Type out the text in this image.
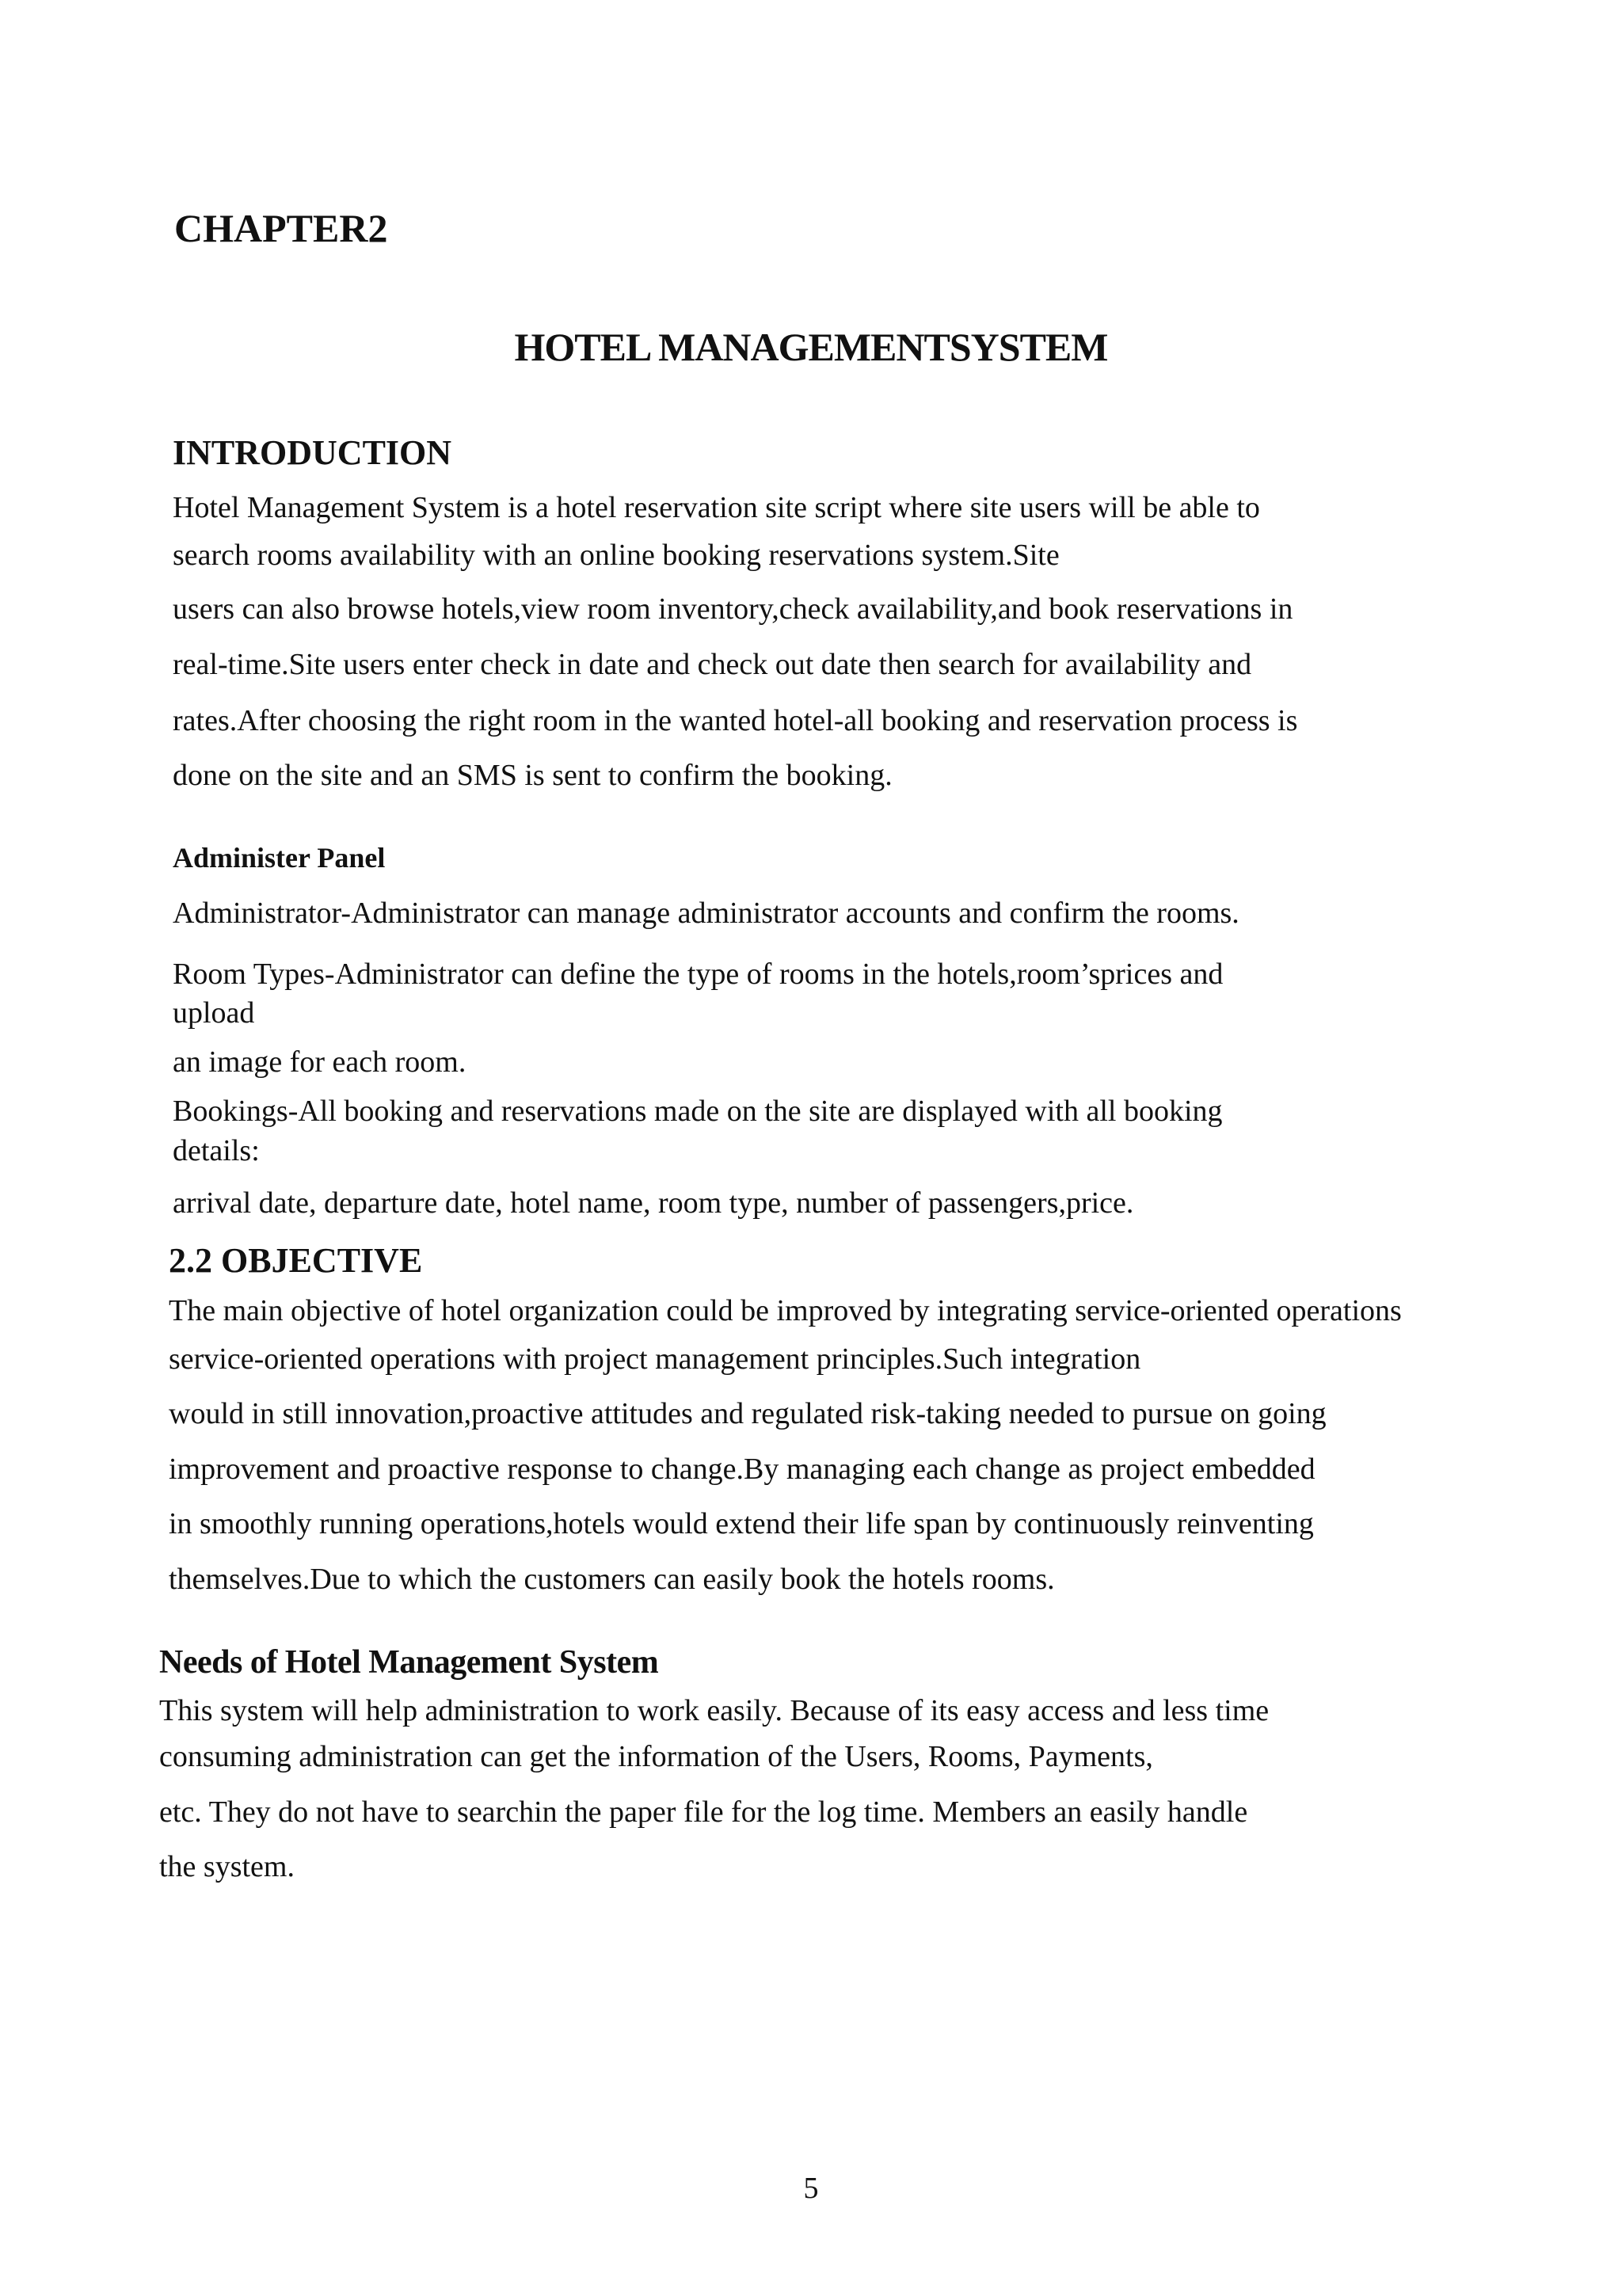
CHAPTER2
HOTEL MANAGEMENTSYSTEM
INTRODUCTION
Hotel Management System is a hotel reservation site script where site users will be able to
search rooms availability with an online booking reservations system.Site
users can also browse hotels,view room inventory,check availability,and book reservations in
real-time.Site users enter check in date and check out date then search for availability and
rates.After choosing the right room in the wanted hotel-all booking and reservation process is
done on the site and an SMS is sent to confirm the booking.
Administer Panel
Administrator-Administrator can manage administrator accounts and confirm the rooms.
Room Types-Administrator can define the type of rooms in the hotels,room’sprices and
upload
an image for each room.
Bookings-All booking and reservations made on the site are displayed with all booking
details:
arrival date, departure date, hotel name, room type, number of passengers,price.
2.2 OBJECTIVE
The main objective of hotel organization could be improved by integrating service-oriented operations
service-oriented operations with project management principles.Such integration
would in still innovation,proactive attitudes and regulated risk-taking needed to pursue on going
improvement and proactive response to change.By managing each change as project embedded
in smoothly running operations,hotels would extend their life span by continuously reinventing
themselves.Due to which the customers can easily book the hotels rooms.
Needs of Hotel Management System
This system will help administration to work easily. Because of its easy access and less time
consuming administration can get the information of the Users, Rooms, Payments,
etc. They do not have to searchin the paper file for the log time. Members an easily handle
the system.
5
